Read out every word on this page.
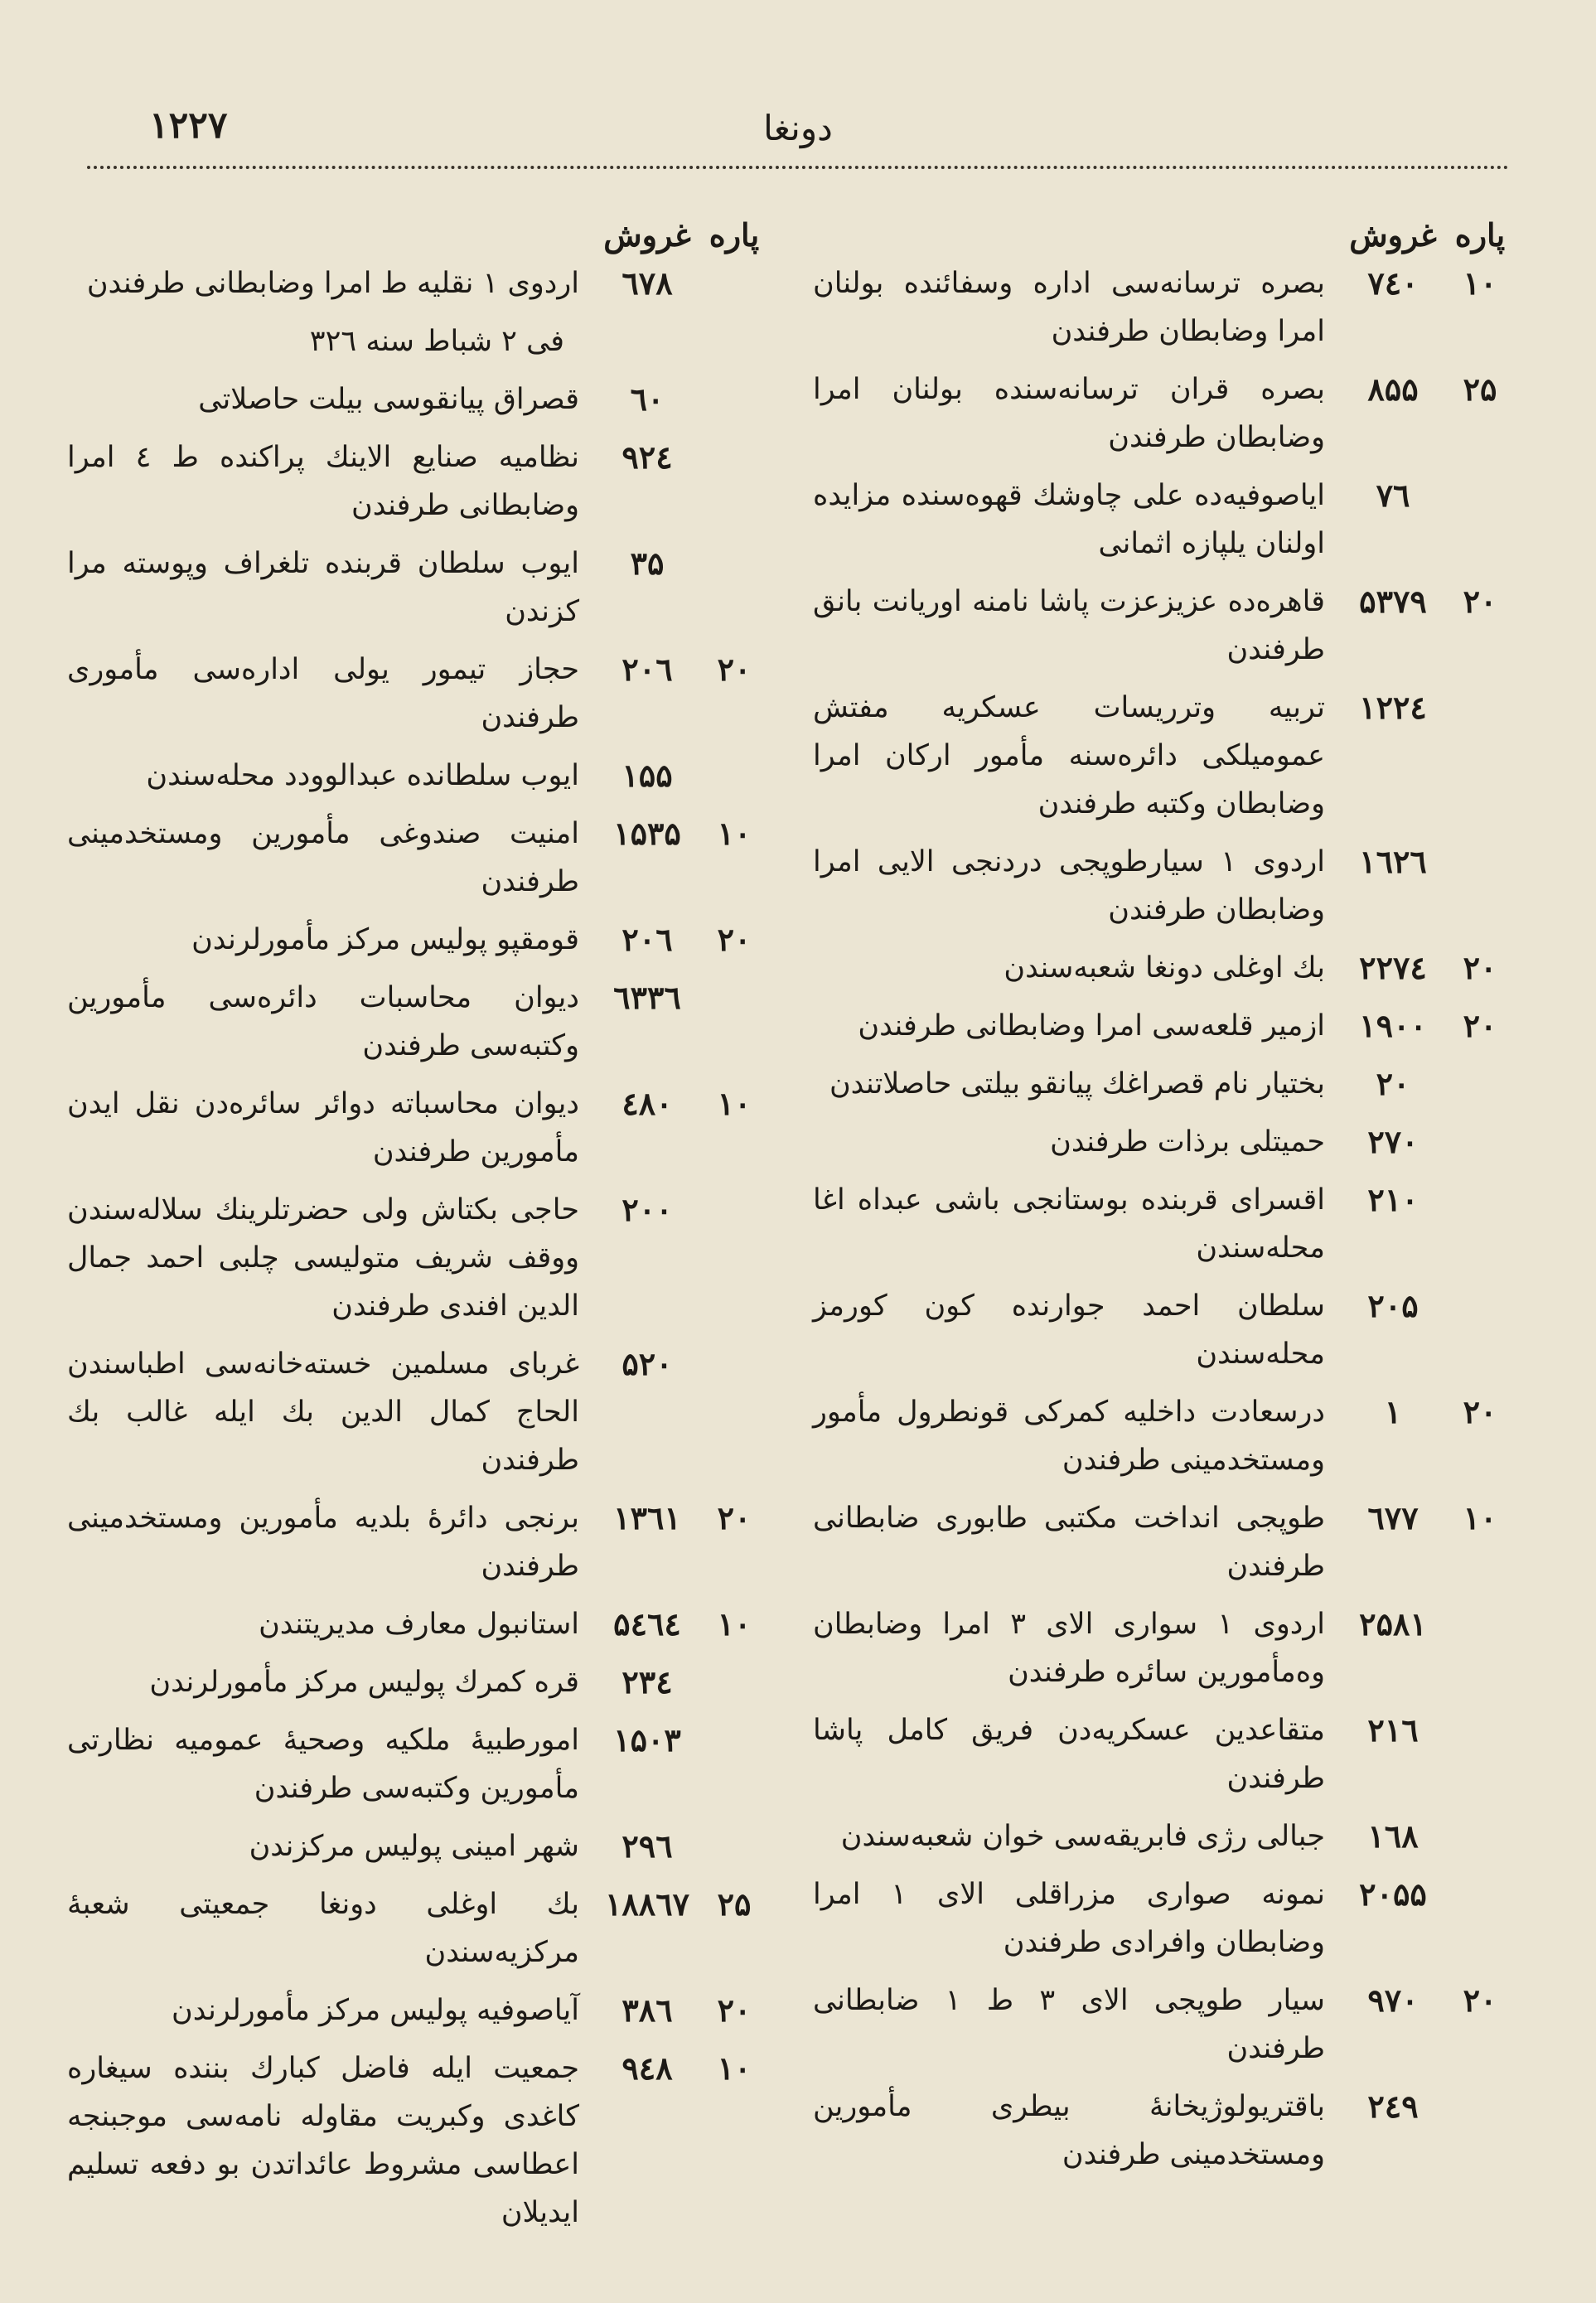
۱۲۲۷	دونغا
پاره
غروش
۱۰
۷٤۰
بصره ترسانه‌سی اداره وسفائنده بولنان امرا وضابطان طرفندن
۲۵
۸۵۵
بصره قران ترسانه‌سنده بولنان امرا وضابطان طرفندن
۷٦
ایاصوفیه‌ده علی چاوشك قهوه‌سنده مزایده اولنان یلپازه اثمانی
۲۰
۵۳۷۹
قاهره‌ده عزیزعزت پاشا نامنه اوریانت بانق طرفندن
۱۲۲٤
تربیه وترریسات عسکریه مفتش عمومیلکی دائره‌سنه مأمور ارکان امرا وضابطان وکتبه طرفندن
۱٦۲٦
اردوی ۱ سیارطوپجی دردنجی الایی امرا وضابطان طرفندن
۲۰
۲۲۷٤
بك اوغلی دونغا شعبه‌سندن
۲۰
۱۹۰۰
ازمیر قلعه‌سی امرا وضابطانی طرفندن
۲۰
بختیار نام قصراغك پیانقو بیلتی حاصلاتندن
۲۷۰
حمیتلی برذات طرفندن
۲۱۰
اقسرای قربنده بوستانجی باشی عبداه اغا محله‌سندن
۲۰۵
سلطان احمد جوارنده کون کورمز محله‌سندن
۲۰
۱
درسعادت داخلیه کمرکی قونطرول مأمور ومستخدمینی طرفندن
۱۰
٦۷۷
طوپجی انداخت مکتبی طابوری ضابطانی طرفندن
۲۵۸۱
اردوی ۱ سواری الای ۳ امرا وضابطان وه‌مأمورین سائره طرفندن
۲۱٦
متقاعدین عسکریه‌دن فریق کامل پاشا طرفندن
۱٦۸
جبالی رژی فابریقه‌سی خوان شعبه‌سندن
۲۰۵۵
نمونه صواری مزراقلی الای ۱ امرا وضابطان وافرادی طرفندن
۲۰
۹۷۰
سیار طوپجی الای ۳ ط ۱ ضابطانی طرفندن
۲٤۹
باقتریولوژیخانهٔ بیطری مأمورین ومستخدمینی طرفندن
پاره
غروش
٦۷۸
اردوی ۱ نقلیه ط امرا وضابطانی طرفندن
فی ۲ شباط سنه ۳۲٦
٦۰
قصراق پیانقوسی بیلت حاصلاتی
۹۲٤
نظامیه صنایع الاینك پراکنده ط ٤ امرا وضابطانی طرفندن
۳۵
ایوب سلطان قربنده تلغراف وپوسته مرا کزندن
۲۰
۲۰٦
حجاز تیمور یولی اداره‌سی مأموری طرفندن
۱۵۵
ایوب سلطانده عبدالوودد محله‌سندن
۱۰
۱۵۳۵
امنیت صندوغی مأمورین ومستخدمینی طرفندن
۲۰
۲۰٦
قومقپو پولیس مرکز مأمورلرندن
٦۳۳٦
دیوان محاسبات دائره‌سی مأمورین وکتبه‌سی طرفندن
۱۰
٤۸۰
دیوان محاسباته دوائر سائره‌دن نقل ایدن مأمورین طرفندن
۲۰۰
حاجی بکتاش ولی حضرتلرینك سلاله‌سندن ووقف شریف متولیسی چلبی احمد جمال الدین افندی طرفندن
۵۲۰
غربای مسلمین خسته‌خانه‌سی اطباسندن الحاج کمال الدین بك ایله غالب بك طرفندن
۲۰
۱۳٦۱
برنجی دائرهٔ بلدیه مأمورین ومستخدمینی طرفندن
۱۰
۵٤٦٤
استانبول معارف مدیریتندن
۲۳٤
قره کمرك پولیس مرکز مأمورلرندن
۱۵۰۳
امورطبیهٔ ملکیه وصحیهٔ عمومیه نظارتی مأمورین وکتبه‌سی طرفندن
۲۹٦
شهر امینی پولیس مرکزندن
۲۵
۱۸۸٦۷
بك اوغلی دونغا جمعیتی شعبهٔ مرکزیه‌سندن
۲۰
۳۸٦
آیاصوفیه پولیس مرکز مأمورلرندن
۱۰
۹٤۸
جمعیت ایله فاضل کبارك بننده سیغاره کاغدی وکبریت مقاوله نامه‌سی موجبنجه اعطاسی مشروط عائداتدن بو دفعه تسلیم ایدیلان
